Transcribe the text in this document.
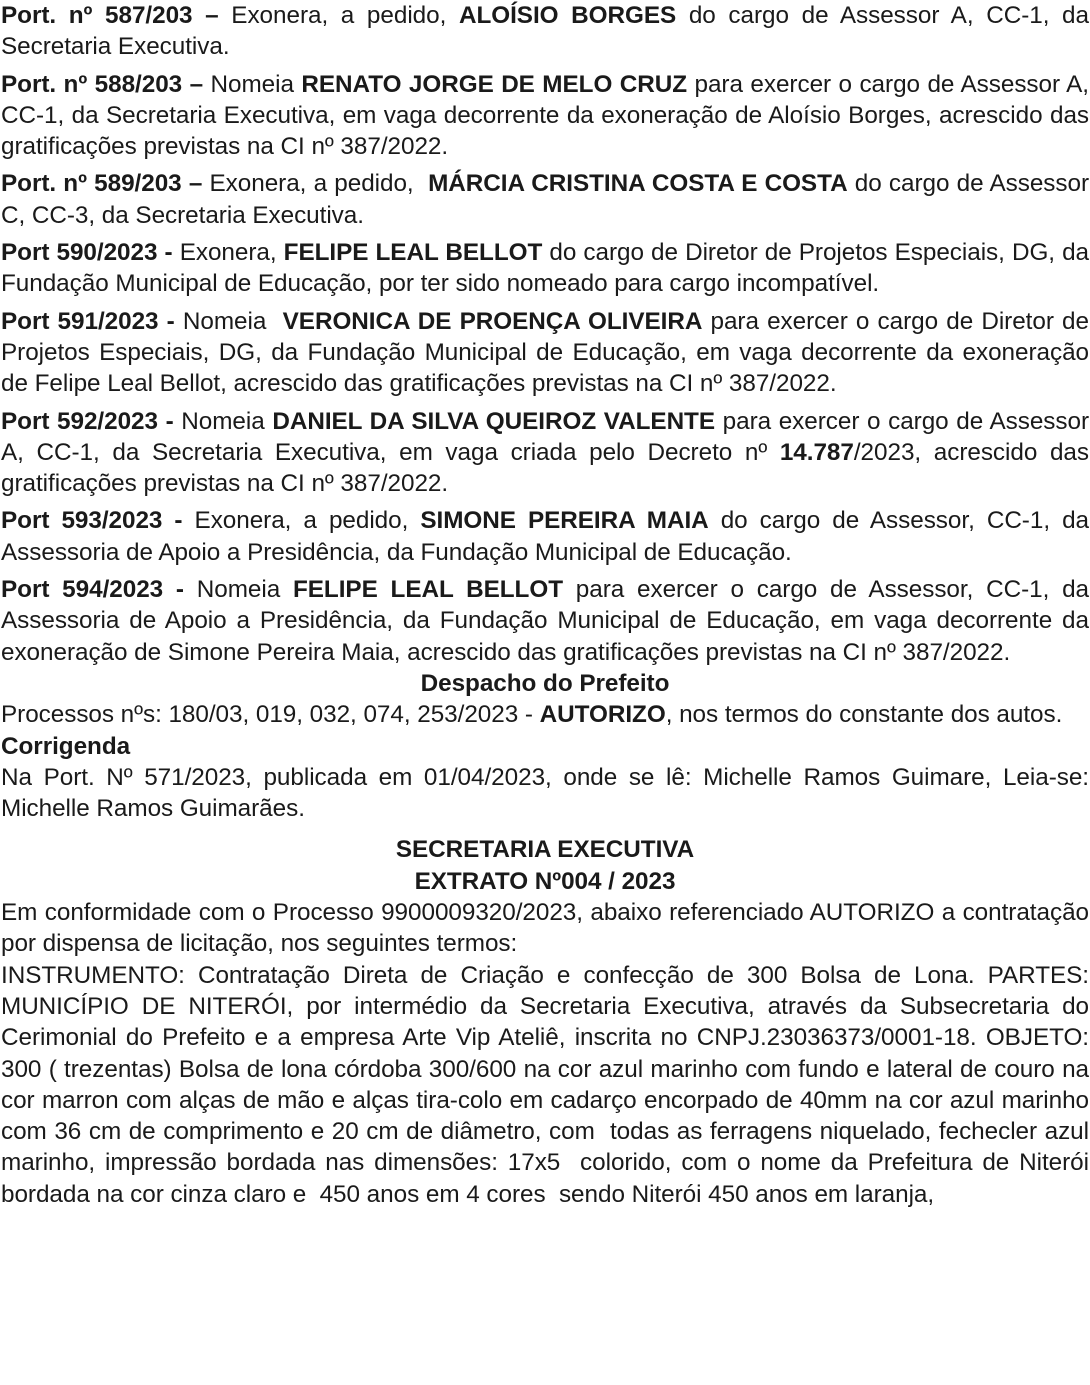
Port. nº 587/203 – Exonera, a pedido, ALOÍSIO BORGES do cargo de Assessor A, CC-1, da Secretaria Executiva.

Port. nº 588/203 – Nomeia RENATO JORGE DE MELO CRUZ para exercer o cargo de Assessor A, CC-1, da Secretaria Executiva, em vaga decorrente da exoneração de Aloísio Borges, acrescido das gratificações previstas na CI nº 387/2022.

Port. nº 589/203 – Exonera, a pedido,  MÁRCIA CRISTINA COSTA E COSTA do cargo de Assessor C, CC-3, da Secretaria Executiva.

Port 590/2023 - Exonera, FELIPE LEAL BELLOT do cargo de Diretor de Projetos Especiais, DG, da Fundação Municipal de Educação, por ter sido nomeado para cargo incompatível.

Port 591/2023 - Nomeia  VERONICA DE PROENÇA OLIVEIRA para exercer o cargo de Diretor de Projetos Especiais, DG, da Fundação Municipal de Educação, em vaga decorrente da exoneração de Felipe Leal Bellot, acrescido das gratificações previstas na CI nº 387/2022.

Port 592/2023 - Nomeia DANIEL DA SILVA QUEIROZ VALENTE para exercer o cargo de Assessor A, CC-1, da Secretaria Executiva, em vaga criada pelo Decreto nº 14.787/2023, acrescido das gratificações previstas na CI nº 387/2022.

Port 593/2023 - Exonera, a pedido, SIMONE PEREIRA MAIA do cargo de Assessor, CC-1, da Assessoria de Apoio a Presidência, da Fundação Municipal de Educação.

Port 594/2023 - Nomeia FELIPE LEAL BELLOT para exercer o cargo de Assessor, CC-1, da Assessoria de Apoio a Presidência, da Fundação Municipal de Educação, em vaga decorrente da exoneração de Simone Pereira Maia, acrescido das gratificações previstas na CI nº 387/2022.

Despacho do Prefeito

Processos nºs: 180/03, 019, 032, 074, 253/2023 - AUTORIZO, nos termos do constante dos autos.

Corrigenda

Na Port. Nº 571/2023, publicada em 01/04/2023, onde se lê: Michelle Ramos Guimare, Leia-se: Michelle Ramos Guimarães.

SECRETARIA EXECUTIVA

EXTRATO Nº004 / 2023

Em conformidade com o Processo 9900009320/2023, abaixo referenciado AUTORIZO a contratação por dispensa de licitação, nos seguintes termos:

INSTRUMENTO: Contratação Direta de Criação e confecção de 300 Bolsa de Lona. PARTES: MUNICÍPIO DE NITERÓI, por intermédio da Secretaria Executiva, através da Subsecretaria do Cerimonial do Prefeito e a empresa Arte Vip Ateliê, inscrita no CNPJ.23036373/0001-18. OBJETO: 300 ( trezentas) Bolsa de lona córdoba 300/600 na cor azul marinho com fundo e lateral de couro na cor marron com alças de mão e alças tira-colo em cadarço encorpado de 40mm na cor azul marinho com 36 cm de comprimento e 20 cm de diâmetro, com  todas as ferragens niquelado, fechecler azul marinho, impressão bordada nas dimensões: 17x5  colorido, com o nome da Prefeitura de Niterói bordada na cor cinza claro e  450 anos em 4 cores  sendo Niterói 450 anos em laranja,
